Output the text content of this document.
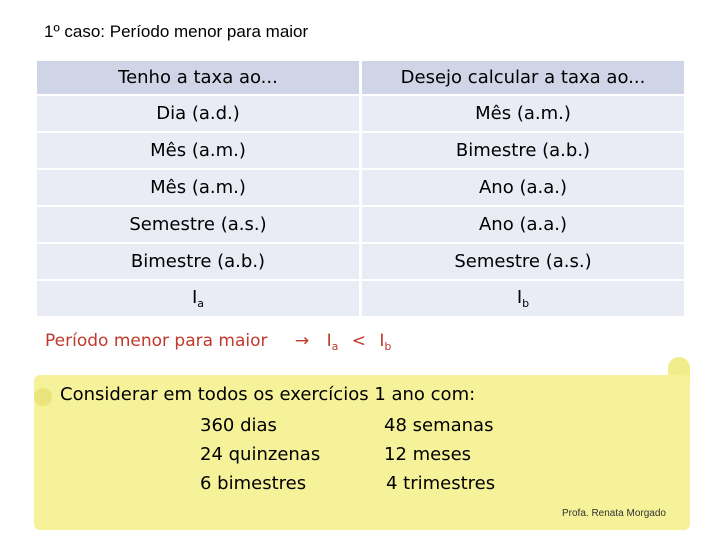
1º caso: Período menor para maior
Tenho a taxa ao...	Desejo calcular a taxa ao...
Dia (a.d.)	Mês (a.m.)
Mês (a.m.)	Bimestre (a.b.)
Mês (a.m.)	Ano (a.a.)
Semestre (a.s.)	Ano (a.a.)
Bimestre (a.b.)	Semestre (a.s.)
$I_a$	$I_b$
Período menor para maior → $I_a < I_b$
Considerar em todos os exercícios 1 ano com:
360 dias	48 semanas
24 quinzenas	12 meses
6 bimestres	4 trimestres
Profa. Renata Morgado
